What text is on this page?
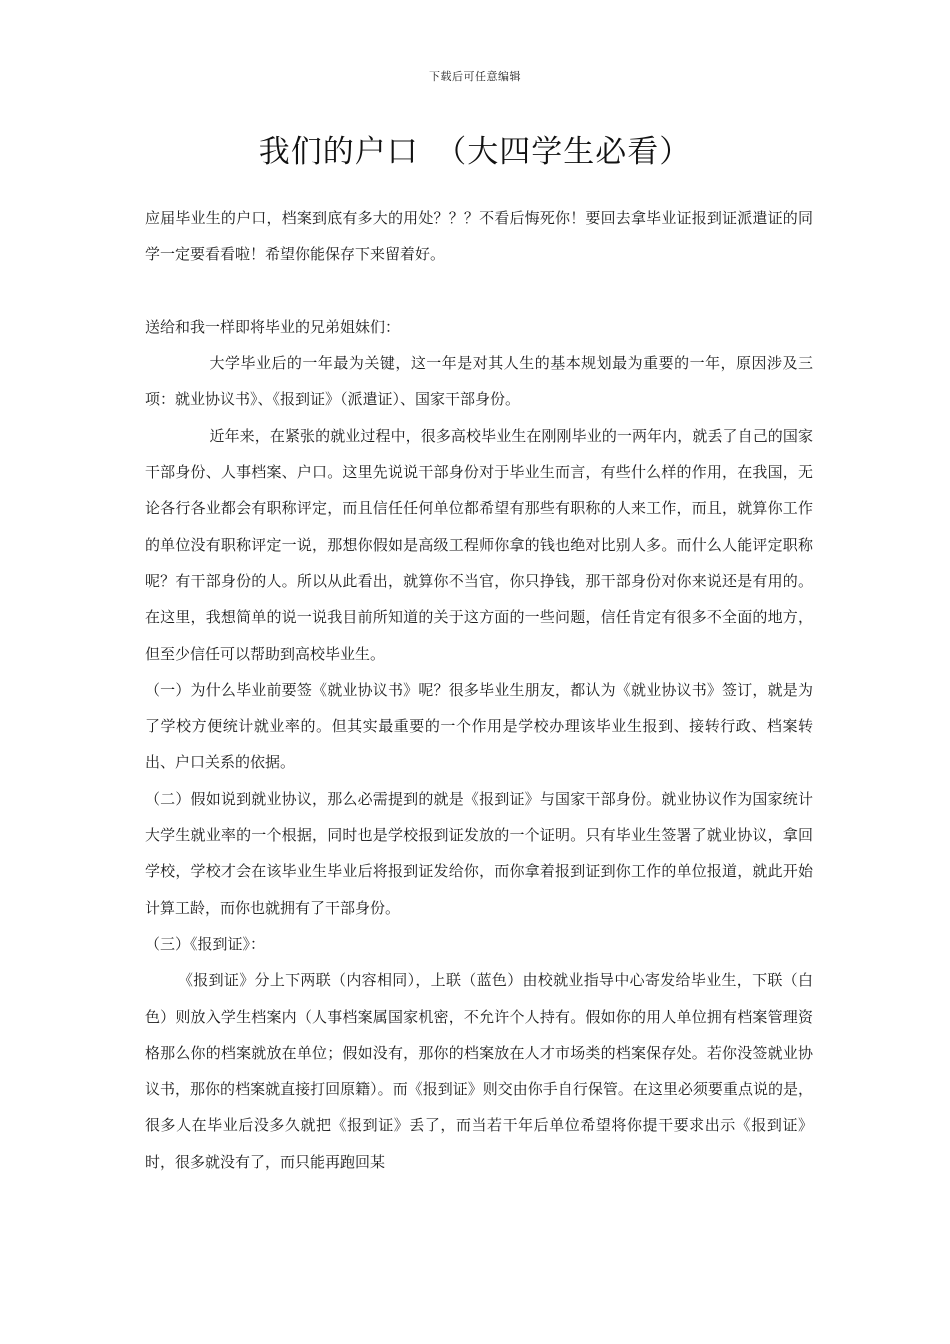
下载后可任意编辑
我们的户口　（大四学生必看）

应届毕业生的户口，档案到底有多大的用处？？？不看后悔死你！要回去拿毕业证报到证派遣证的同学一定要看看啦！希望你能保存下来留着好。

送给和我一样即将毕业的兄弟姐妹们：

大学毕业后的一年最为关键，这一年是对其人生的基本规划最为重要的一年，原因涉及三项：就业协议书》、《报到证》（派遣证）、国家干部身份。

近年来，在紧张的就业过程中，很多高校毕业生在刚刚毕业的一两年内，就丢了自己的国家干部身份、人事档案、户口。这里先说说干部身份对于毕业生而言，有些什么样的作用，在我国，无论各行各业都会有职称评定，而且信任任何单位都希望有那些有职称的人来工作，而且，就算你工作的单位没有职称评定一说，那想你假如是高级工程师你拿的钱也绝对比别人多。而什么人能评定职称呢？有干部身份的人。所以从此看出，就算你不当官，你只挣钱，那干部身份对你来说还是有用的。在这里，我想简单的说一说我目前所知道的关于这方面的一些问题，信任肯定有很多不全面的地方，但至少信任可以帮助到高校毕业生。

（一）为什么毕业前要签《就业协议书》呢？很多毕业生朋友，都认为《就业协议书》签订，就是为了学校方便统计就业率的。但其实最重要的一个作用是学校办理该毕业生报到、接转行政、档案转出、户口关系的依据。

（二）假如说到就业协议，那么必需提到的就是《报到证》与国家干部身份。就业协议作为国家统计大学生就业率的一个根据，同时也是学校报到证发放的一个证明。只有毕业生签署了就业协议，拿回学校，学校才会在该毕业生毕业后将报到证发给你，而你拿着报到证到你工作的单位报道，就此开始计算工龄，而你也就拥有了干部身份。

（三）《报到证》：

《报到证》分上下两联（内容相同），上联（蓝色）由校就业指导中心寄发给毕业生，下联（白色）则放入学生档案内（人事档案属国家机密，不允许个人持有。假如你的用人单位拥有档案管理资格那么你的档案就放在单位；假如没有，那你的档案放在人才市场类的档案保存处。若你没签就业协议书，那你的档案就直接打回原籍）。而《报到证》则交由你手自行保管。在这里必须要重点说的是，很多人在毕业后没多久就把《报到证》丢了，而当若干年后单位希望将你提干要求出示《报到证》时，很多就没有了，而只能再跑回某
